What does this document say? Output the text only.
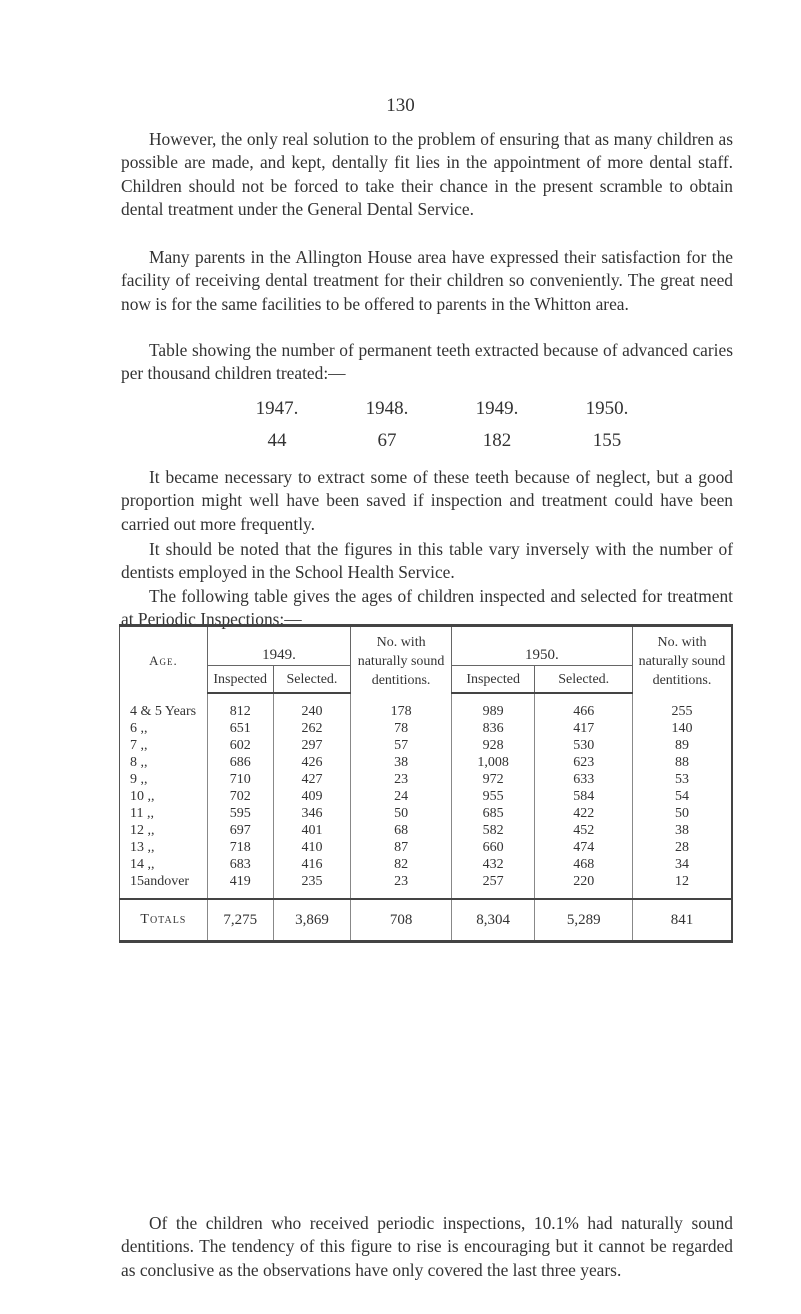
130

However, the only real solution to the problem of ensuring that as many children as possible are made, and kept, dentally fit lies in the appointment of more dental staff. Children should not be forced to take their chance in the present scramble to obtain dental treatment under the General Dental Service.

Many parents in the Allington House area have expressed their satisfaction for the facility of receiving dental treatment for their children so conveniently. The great need now is for the same facilities to be offered to parents in the Whitton area.

Table showing the number of permanent teeth extracted because of advanced caries per thousand children treated:—

1947.	1948.	1949.	1950.
44	67	182	155

It became necessary to extract some of these teeth because of neglect, but a good proportion might well have been saved if inspection and treatment could have been carried out more frequently.

It should be noted that the figures in this table vary inversely with the number of dentists employed in the School Health Service.

The following table gives the ages of children inspected and selected for treatment at Periodic Inspections:—

Age.	1949.		No. with naturally sound dentitions.	1950.		No. with naturally sound dentitions.
	Inspected	Selected.		Inspected	Selected.	
4 & 5 Years	812	240	178	989	466	255
6 ,,	651	262	78	836	417	140
7 ,,	602	297	57	928	530	89
8 ,,	686	426	38	1,008	623	88
9 ,,	710	427	23	972	633	53
10 ,,	702	409	24	955	584	54
11 ,,	595	346	50	685	422	50
12 ,,	697	401	68	582	452	38
13 ,,	718	410	87	660	474	28
14 ,,	683	416	82	432	468	34
15andover	419	235	23	257	220	12
Totals	7,275	3,869	708	8,304	5,289	841

Of the children who received periodic inspections, 10.1% had naturally sound dentitions. The tendency of this figure to rise is encouraging but it cannot be regarded as conclusive as the observations have only covered the last three years.
